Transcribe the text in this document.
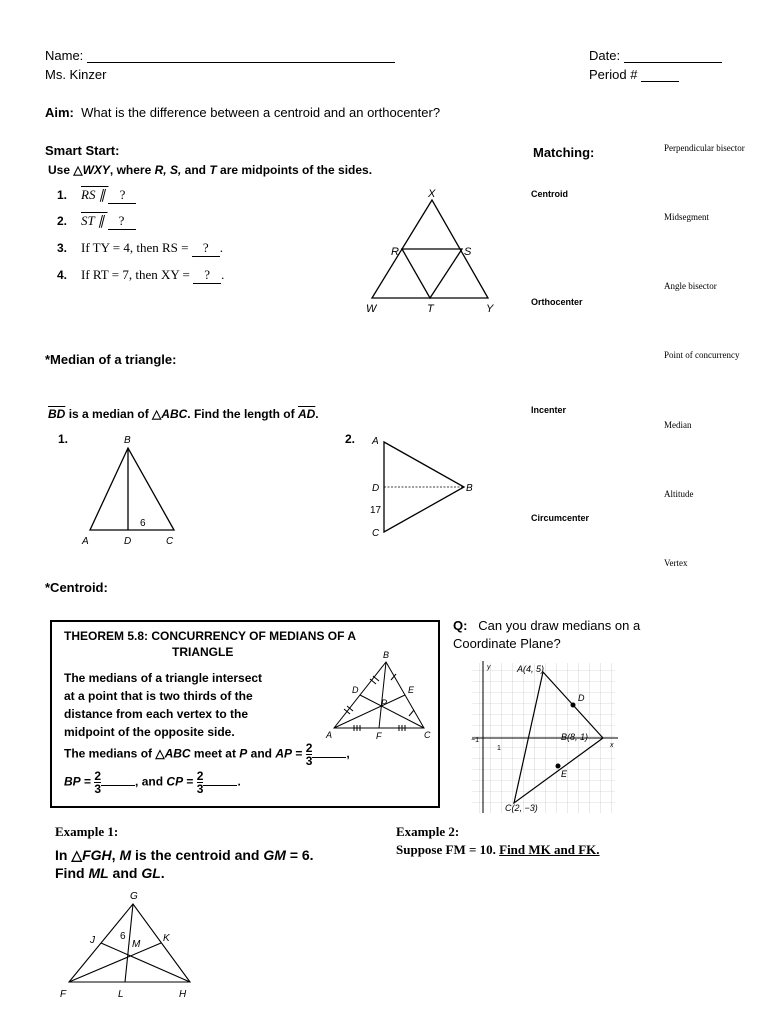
Name:
Ms. Kinzer
Date:
Period #
Aim: What is the difference between a centroid and an orthocenter?
Smart Start:
Use △WXY, where R, S, and T are midpoints of the sides.
1. RS ∥ ?
2. ST ∥ ?
3. If TY = 4, then RS = ? .
4. If RT = 7, then XY = ? .
X
R	S
W	T	Y
Matching:
Centroid
Orthocenter
Incenter
Circumcenter
Perpendicular bisector
Midsegment
Angle bisector
Point of concurrency
Median
Altitude
Vertex
*Median of a triangle:
$\overline{BD}$ is a median of △ABC. Find the length of $\overline{AD}$.
1.	B
A	D	C
6
2. A
D	B
C
17
*Centroid:
THEOREM 5.8: CONCURRENCY OF MEDIANS OF A
TRIANGLE
The medians of a triangle intersect
at a point that is two thirds of the
distance from each vertex to the
midpoint of the opposite side.
The medians of △ABC meet at P and AP = $\frac{2}{3}$	,
BP = $\frac{2}{3}$	, and CP = $\frac{2}{3}$	.
B
D	E
P
A	F	C
Q: Can you draw medians on a
Coordinate Plane?
y
x
1
−1
A(4, 5)
D
B(8, 1)
E
C(2, −3)
Example 1:
In △FGH, M is the centroid and GM = 6.
Find ML and GL.
G
J	6
M
K
F	L	H
Example 2:
Suppose FM = 10. Find MK and FK.
